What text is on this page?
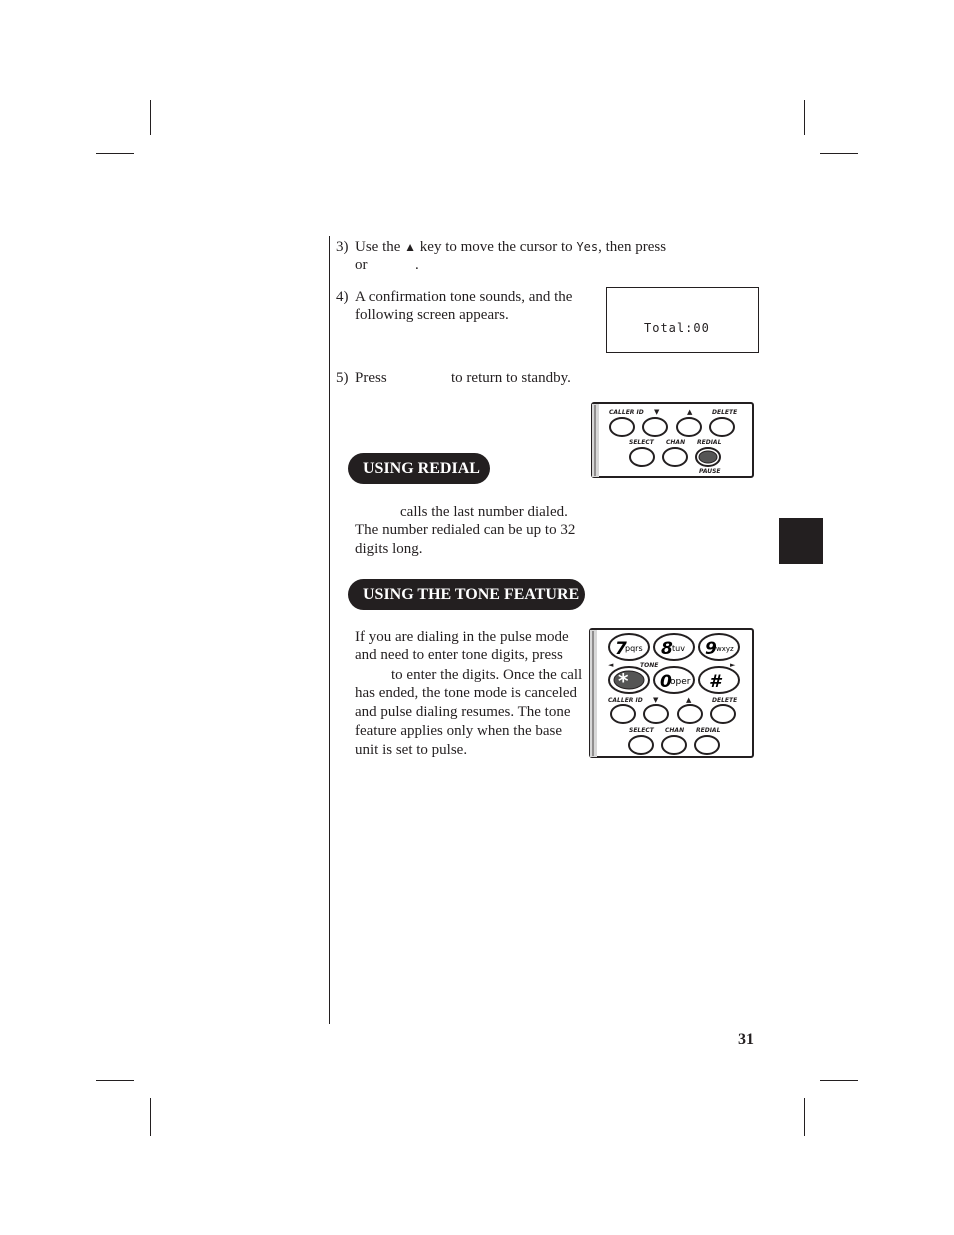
3) Use the ▲ key to move the cursor to Yes, then press
or	.
4) A confirmation tone sounds, and the
following screen appears.
Total:00
5) Press	to return to standby.
CALLER ID ▼	▲	DELETE
SELECT CHAN REDIAL
PAUSE
USING REDIAL
calls the last number dialed.
The number redialed can be up to 32
digits long.
USING THE TONE FEATURE
If you are dialing in the pulse mode
and need to enter tone digits, press
to enter the digits. Once the call
has ended, the tone mode is canceled
and pulse dialing resumes. The tone
feature applies only when the base
unit is set to pulse.
7
pqrs 8 tuv 9 wxyz
◄	TONE	►
* 0
oper #
CALLER ID ▼	▲	DELETE
SELECT CHAN REDIAL
31
